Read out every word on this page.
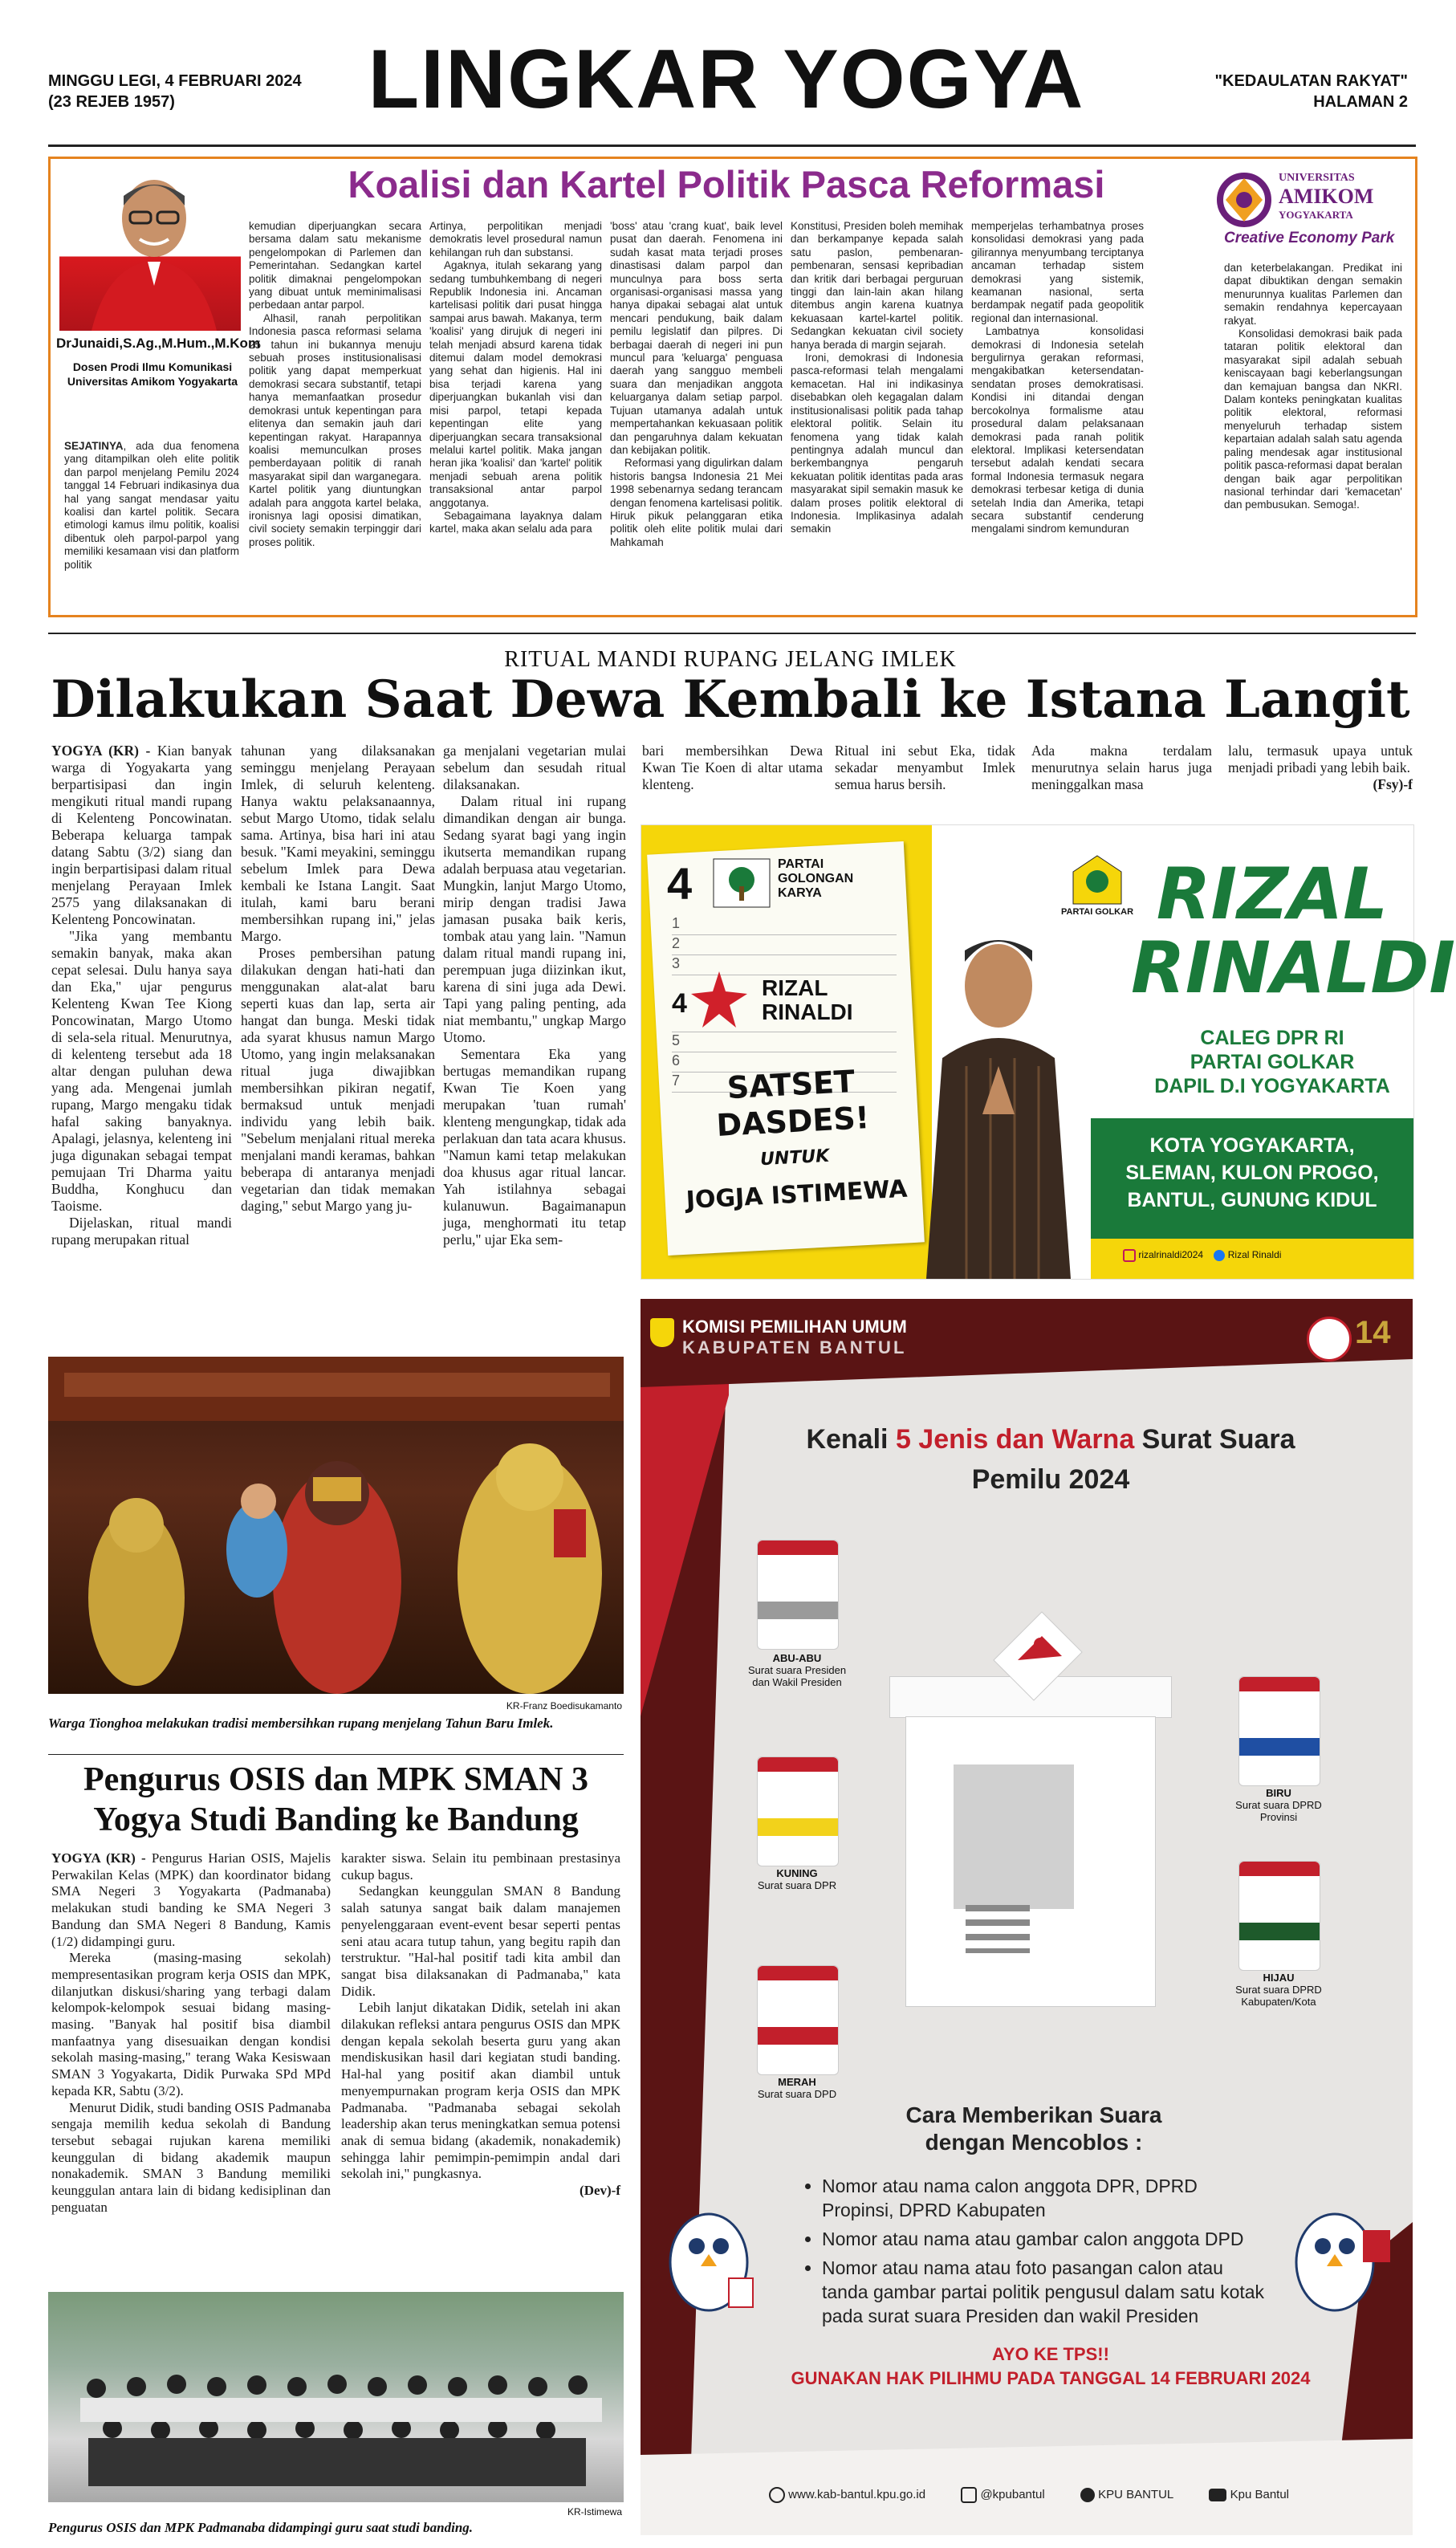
MINGGU LEGI, 4 FEBRUARI 2024
(23 REJEB 1957)	LINGKAR YOGYA	"KEDAULATAN RAKYAT"
HALAMAN 2
DrJunaidi,S.Ag.,M.Hum.,M.Kom
Dosen Prodi Ilmu Komunikasi
Universitas Amikom Yogyakarta
Koalisi dan Kartel Politik Pasca Reformasi	UNIVERSITAS
AMIKOM
YOGYAKARTA
Creative Economy Park

SEJATINYA, ada dua fenomena yang ditampilkan oleh elite politik dan parpol menjelang Pemilu 2024 tanggal 14 Februari indikasinya dua hal yang sangat mendasar yaitu koalisi dan kartel politik. Secara etimologi kamus ilmu politik, koalisi dibentuk oleh parpol-parpol yang memiliki kesamaan visi dan platform politik

kemudian diperjuangkan secara bersama dalam satu mekanisme pengelompokan di Parlemen dan Pemerintahan. Sedangkan kartel politik dimaknai pengelompokan yang dibuat untuk meminimalisasi perbedaan antar parpol.

Alhasil, ranah perpolitikan Indonesia pasca reformasi selama 25 tahun ini bukannya menuju sebuah proses institusionalisasi politik yang dapat memperkuat demokrasi secara substantif, tetapi hanya memanfaatkan prosedur demokrasi untuk kepentingan para elitenya dan semakin jauh dari kepentingan rakyat. Harapannya koalisi memunculkan proses pemberdayaan politik di ranah masyarakat sipil dan warganegara. Kartel politik yang diuntungkan adalah para anggota kartel belaka, ironisnya lagi oposisi dimatikan, civil society semakin terpinggir dari proses politik.

Artinya, perpolitikan menjadi demokratis level prosedural namun kehilangan ruh dan substansi.

Agaknya, itulah sekarang yang sedang tumbuhkembang di negeri Republik Indonesia ini. Ancaman kartelisasi politik dari pusat hingga sampai arus bawah. Makanya, term 'koalisi' yang dirujuk di negeri ini telah menjadi absurd karena tidak ditemui dalam model demokrasi yang sehat dan higienis. Hal ini bisa terjadi karena yang diperjuangkan bukanlah visi dan misi parpol, tetapi kepada kepentingan elite yang diperjuangkan secara transaksional melalui kartel politik. Maka jangan heran jika 'koalisi' dan 'kartel' politik menjadi sebuah arena politik transaksional antar parpol anggotanya.

Sebagaimana layaknya dalam kartel, maka akan selalu ada para

'boss' atau 'crang kuat', baik level pusat dan daerah. Fenomena ini sudah kasat mata terjadi proses dinastisasi dalam parpol dan munculnya para boss serta organisasi-organisasi massa yang hanya dipakai sebagai alat untuk mencari pendukung, baik dalam pemilu legislatif dan pilpres. Di berbagai daerah di negeri ini pun muncul para 'keluarga' penguasa daerah yang sangguo membeli suara dan menjadikan anggota keluarganya dalam setiap parpol. Tujuan utamanya adalah untuk mempertahankan kekuasaan politik dan pengaruhnya dalam kekuatan dan kebijakan politik.

Reformasi yang digulirkan dalam historis bangsa Indonesia 21 Mei 1998 sebenarnya sedang terancam dengan fenomena kartelisasi politik. Hiruk pikuk pelanggaran etika politik oleh elite politik mulai dari Mahkamah

Konstitusi, Presiden boleh memihak dan berkampanye kepada salah satu paslon, pembenaran-pembenaran, sensasi kepribadian dan kritik dari berbagai perguruan tinggi dan lain-lain akan hilang ditembus angin karena kuatnya kekuasaan kartel-kartel politik. Sedangkan kekuatan civil society hanya berada di margin sejarah.

Ironi, demokrasi di Indonesia pasca-reformasi telah mengalami kemacetan. Hal ini indikasinya disebabkan oleh kegagalan dalam institusionalisasi politik pada tahap elektoral politik. Selain itu fenomena yang tidak kalah pentingnya adalah muncul dan berkembangnya pengaruh kekuatan politik identitas pada aras masyarakat sipil semakin masuk ke dalam proses politik elektoral di Indonesia. Implikasinya adalah semakin

memperjelas terhambatnya proses konsolidasi demokrasi yang pada gilirannya menyumbang terciptanya ancaman terhadap sistem demokrasi yang sistemik, keamanan nasional, serta berdampak negatif pada geopolitik regional dan internasional.

Lambatnya konsolidasi demokrasi di Indonesia setelah bergulirnya gerakan reformasi, mengakibatkan ketersendatan-sendatan proses demokratisasi. Kondisi ini ditandai dengan bercokolnya formalisme atau prosedural dalam pelaksanaan demokrasi pada ranah politik elektoral. Implikasi ketersendatan tersebut adalah kendati secara formal Indonesia termasuk negara demokrasi terbesar ketiga di dunia setelah India dan Amerika, tetapi secara substantif cenderung mengalami sindrom kemunduran

dan keterbelakangan. Predikat ini dapat dibuktikan dengan semakin menurunnya kualitas Parlemen dan semakin rendahnya kepercayaan rakyat.

Konsolidasi demokrasi baik pada tataran politik elektoral dan masyarakat sipil adalah sebuah keniscayaan bagi keberlangsungan dan kemajuan bangsa dan NKRI. Dalam konteks peningkatan kualitas politik elektoral, reformasi menyeluruh terhadap sistem kepartaian adalah salah satu agenda paling mendesak agar institusional politik pasca-reformasi dapat beralan dengan baik agar perpolitikan nasional terhindar dari 'kemacetan' dan pembusukan. Semoga!.

RITUAL MANDI RUPANG JELANG IMLEK
Dilakukan Saat Dewa Kembali ke Istana Langit

YOGYA (KR) - Kian banyak warga di Yogyakarta yang berpartisipasi dan ingin mengikuti ritual mandi rupang di Kelenteng Poncowinatan. Beberapa keluarga tampak datang Sabtu (3/2) siang dan ingin berpartisipasi dalam ritual menjelang Perayaan Imlek 2575 yang dilaksanakan di Kelenteng Poncowinatan.

"Jika yang membantu semakin banyak, maka akan cepat selesai. Dulu hanya saya dan Eka," ujar pengurus Kelenteng Kwan Tee Kiong Poncowinatan, Margo Utomo di sela-sela ritual. Menurutnya, di kelenteng tersebut ada 18 altar dengan puluhan dewa yang ada. Mengenai jumlah rupang, Margo mengaku tidak hafal saking banyaknya. Apalagi, jelasnya, kelenteng ini juga digunakan sebagai tempat pemujaan Tri Dharma yaitu Buddha, Konghucu dan Taoisme.

Dijelaskan, ritual mandi rupang merupakan ritual

tahunan yang dilaksanakan seminggu menjelang Perayaan Imlek, di seluruh kelenteng. Hanya waktu pelaksanaannya, sebut Margo Utomo, tidak selalu sama. Artinya, bisa hari ini atau besuk. "Kami meyakini, seminggu sebelum Imlek para Dewa kembali ke Istana Langit. Saat itulah, kami baru berani membersihkan rupang ini," jelas Margo.

Proses pembersihan patung dilakukan dengan hati-hati dan menggunakan alat-alat baru seperti kuas dan lap, serta air hangat dan bunga. Meski tidak ada syarat khusus namun Margo Utomo, yang ingin melaksanakan ritual juga diwajibkan membersihkan pikiran negatif, bermaksud untuk menjadi individu yang lebih baik. "Sebelum menjalani ritual mereka menjalani mandi keramas, bahkan beberapa di antaranya menjadi vegetarian dan tidak memakan daging," sebut Margo yang ju-

ga menjalani vegetarian mulai sebelum dan sesudah ritual dilaksanakan.

Dalam ritual ini rupang dimandikan dengan air bunga. Sedang syarat bagi yang ingin ikutserta memandikan rupang adalah berpuasa atau vegetarian. Mungkin, lanjut Margo Utomo, mirip dengan tradisi Jawa jamasan pusaka baik keris, tombak atau yang lain. "Namun dalam ritual mandi rupang ini, perempuan juga diizinkan ikut, karena di sini juga ada Dewi. Tapi yang paling penting, ada niat membantu," ungkap Margo Utomo.

Sementara Eka yang bertugas memandikan rupang Kwan Tie Koen yang merupakan 'tuan rumah' klenteng mengungkap, tidak ada perlakuan dan tata acara khusus. "Namun kami tetap melakukan doa khusus agar ritual lancar. Yah istilahnya sebagai kulanuwun. Bagaimanapun juga, menghormati itu tetap perlu," ujar Eka sem-

bari membersihkan Dewa Kwan Tie Koen di altar utama klenteng.

Ritual ini sebut Eka, tidak sekadar menyambut Imlek semua harus bersih.

Ada makna terdalam menurutnya selain harus juga meninggalkan masa

lalu, termasuk upaya untuk menjadi pribadi yang lebih baik.

(Fsy)-f
KR-Franz Boedisukamanto
Warga Tionghoa melakukan tradisi membersihkan rupang menjelang Tahun Baru Imlek.
Pengurus OSIS dan MPK SMAN 3 Yogya Studi Banding ke Bandung

YOGYA (KR) - Pengurus Harian OSIS, Majelis Perwakilan Kelas (MPK) dan koordinator bidang SMA Negeri 3 Yogyakarta (Padmanaba) melakukan studi banding ke SMA Negeri 3 Bandung dan SMA Negeri 8 Bandung, Kamis (1/2) didampingi guru.

Mereka (masing-masing sekolah) mempresentasikan program kerja OSIS dan MPK, dilanjutkan diskusi/sharing yang terbagi dalam kelompok-kelompok sesuai bidang masing-masing. "Banyak hal positif bisa diambil manfaatnya yang disesuaikan dengan kondisi sekolah masing-masing," terang Waka Kesiswaan SMAN 3 Yogyakarta, Didik Purwaka SPd MPd kepada KR, Sabtu (3/2).

Menurut Didik, studi banding OSIS Padmanaba sengaja memilih kedua sekolah di Bandung tersebut sebagai rujukan karena memiliki keunggulan di bidang akademik maupun nonakademik. SMAN 3 Bandung memiliki keunggulan antara lain di bidang kedisiplinan dan penguatan

karakter siswa. Selain itu pembinaan prestasinya cukup bagus.

Sedangkan keunggulan SMAN 8 Bandung salah satunya sangat baik dalam manajemen penyelenggaraan event-event besar seperti pentas seni atau acara tutup tahun, yang begitu rapih dan terstruktur. "Hal-hal positif tadi kita ambil dan sangat bisa dilaksanakan di Padmanaba," kata Didik.

Lebih lanjut dikatakan Didik, setelah ini akan dilakukan refleksi antara pengurus OSIS dan MPK dengan kepala sekolah beserta guru yang akan mendiskusikan hasil dari kegiatan studi banding. Hal-hal yang positif akan diambil untuk menyempurnakan program kerja OSIS dan MPK Padmanaba. "Padmanaba sebagai sekolah leadership akan terus meningkatkan semua potensi anak di semua bidang (akademik, nonakademik) sehingga lahir pemimpin-pemimpin andal dari sekolah ini," pungkasnya.

(Dev)-f
KR-Istimewa
Pengurus OSIS dan MPK Padmanaba didampingi guru saat studi banding.
4	PARTAI
GOLONGAN
KARYA
1
2
3
4
5
6
7
RIZAL
RINALDI
SATSET
DASDES!
UNTUK
JOGJA ISTIMEWA
PARTAI GOLKAR RIZAL
RINALDI
CALEG DPR RI
PARTAI GOLKAR
DAPIL D.I YOGYAKARTA
KOTA YOGYAKARTA,
SLEMAN, KULON PROGO,
BANTUL, GUNUNG KIDUL
rizalrinaldi2024	Rizal Rinaldi
KOMISI PEMILIHAN UMUM
KABUPATEN BANTUL	14
Kenali 5 Jenis dan Warna Surat Suara
Pemilu 2024
ABU-ABU
Surat suara Presiden
dan Wakil Presiden
KUNING
Surat suara DPR
MERAH
Surat suara DPD
BIRU
Surat suara DPRD
Provinsi
HIJAU
Surat suara DPRD
Kabupaten/Kota
Cara Memberikan Suara
dengan Mencoblos :
• Nomor atau nama calon anggota DPR, DPRD Propinsi, DPRD Kabupaten
• Nomor atau nama atau gambar calon anggota DPD
• Nomor atau nama atau foto pasangan calon atau tanda gambar partai politik pengusul dalam satu kotak pada surat suara Presiden dan wakil Presiden
AYO KE TPS!!
GUNAKAN HAK PILIHMU PADA TANGGAL 14 FEBRUARI 2024
www.kab-bantul.kpu.go.id	@kpubantul	KPU BANTUL	Kpu Bantul
